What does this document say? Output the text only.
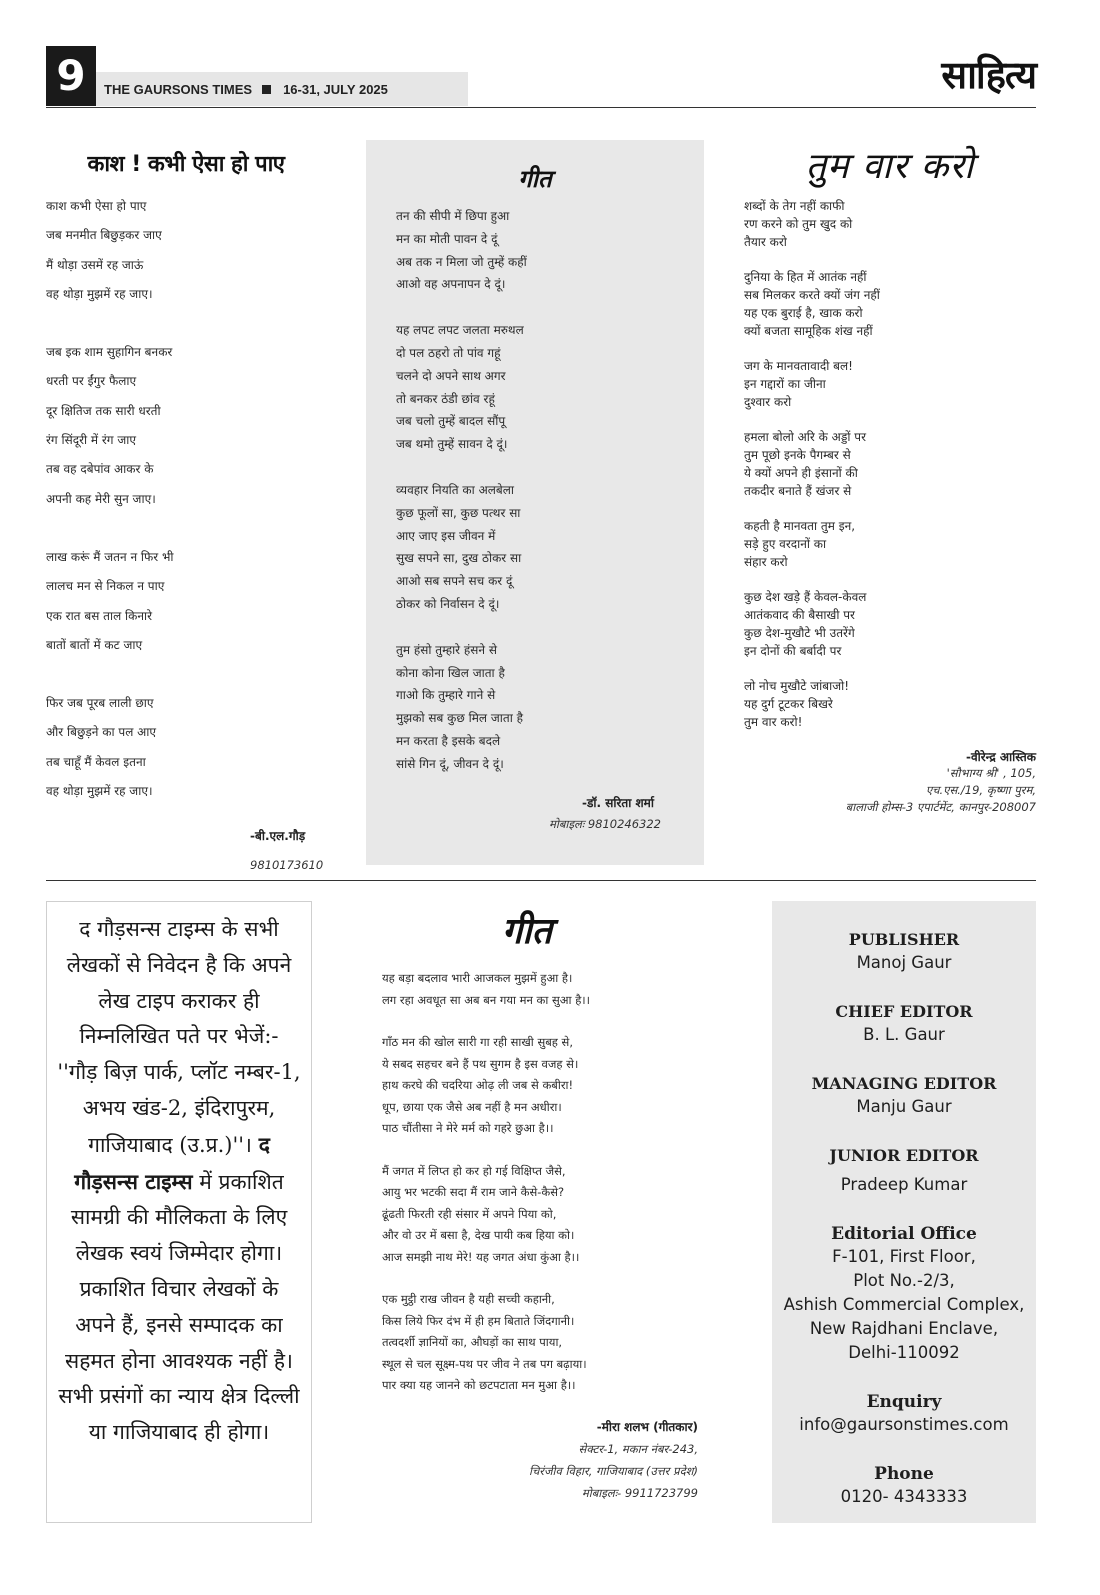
9	THE GAURSONS TIMES 16-31, JULY 2025	साहित्य
काश ! कभी ऐसा हो पाए

काश कभी ऐसा हो पाए

जब मनमीत बिछुड़कर जाए

मैं थोड़ा उसमें रह जाऊं

वह थोड़ा मुझमें रह जाए।

जब इक शाम सुहागिन बनकर

धरती पर ईंगुर फैलाए

दूर क्षितिज तक सारी धरती

रंग सिंदूरी में रंग जाए

तब वह दबेपांव आकर के

अपनी कह मेरी सुन जाए।

लाख करूं मैं जतन न फिर भी

लालच मन से निकल न पाए

एक रात बस ताल किनारे

बातों बातों में कट जाए

फिर जब पूरब लाली छाए

और बिछुड़ने का पल आए

तब चाहूँ मैं केवल इतना

वह थोड़ा मुझमें रह जाए।

-बी.एल.गौड़
9810173610
गीत

तन की सीपी में छिपा हुआ

मन का मोती पावन दे दूं

अब तक न मिला जो तुम्हें कहीं

आओ वह अपनापन दे दूं।

यह लपट लपट जलता मरुथल

दो पल ठहरो तो पांव गहूं

चलने दो अपने साथ अगर

तो बनकर ठंडी छांव रहूं

जब चलो तुम्हें बादल सौंपू

जब थमो तुम्हें सावन दे दूं।

व्यवहार नियति का अलबेला

कुछ फूलों सा, कुछ पत्थर सा

आए जाए इस जीवन में

सुख सपने सा, दुख ठोकर सा

आओ सब सपने सच कर दूं

ठोकर को निर्वासन दे दूं।

तुम हंसो तुम्हारे हंसने से

कोना कोना खिल जाता है

गाओ कि तुम्हारे गाने से

मुझको सब कुछ मिल जाता है

मन करता है इसके बदले

सांसे गिन दूं, जीवन दे दूं।

-डॉ. सरिता शर्मा
मोबाइलः 9810246322
तुम वार करो

शब्दों के तेग नहीं काफी

रण करने को तुम खुद को

तैयार करो

दुनिया के हित में आतंक नहीं

सब मिलकर करते क्यों जंग नहीं

यह एक बुराई है, खाक करो

क्यों बजता सामूहिक शंख नहीं

जग के मानवतावादी बल!

इन गद्दारों का जीना

दुश्वार करो

हमला बोलो अरि के अड्डों पर

तुम पूछो इनके पैगम्बर से

ये क्यों अपने ही इंसानों की

तकदीर बनाते हैं खंजर से

कहती है मानवता तुम इन,

सड़े हुए वरदानों का

संहार करो

कुछ देश खड़े हैं केवल-केवल

आतंकवाद की बैसाखी पर

कुछ देश-मुखौटे भी उतरेंगे

इन दोनों की बर्बादी पर

लो नोच मुखौटे जांबाजो!

यह दुर्ग टूटकर बिखरे

तुम वार करो!

-वीरेन्द्र आस्तिक
'सौभाग्य श्री' , 105,
एच.एस./19, कृष्णा पुरम,
बालाजी होम्स-3 एपार्टमेंट, कानपुर-208007

द गौड़सन्स टाइम्स के सभी लेखकों से निवेदन है कि अपने लेख टाइप कराकर ही निम्नलिखित पते पर भेजें:- ''गौड़ बिज़ पार्क, प्लॉट नम्बर-1, अभय खंड-2, इंदिरापुरम, गाजियाबाद (उ.प्र.)''। द गौड़सन्स टाइम्स में प्रकाशित सामग्री की मौलिकता के लिए लेखक स्वयं जिम्मेदार होगा। प्रकाशित विचार लेखकों के अपने हैं, इनसे सम्पादक का सहमत होना आवश्यक नहीं है। सभी प्रसंगों का न्याय क्षेत्र दिल्ली या गाजियाबाद ही होगा।

गीत

यह बड़ा बदलाव भारी आजकल मुझमें हुआ है।

लग रहा अवधूत सा अब बन गया मन का सुआ है।।

गाँठ मन की खोल सारी गा रही साखी सुबह से,

ये सबद सहचर बने हैं पथ सुगम है इस वजह से।

हाथ करघे की चदरिया ओढ़ ली जब से कबीरा!

धूप, छाया एक जैसे अब नहीं है मन अधीरा।

पाठ चौंतीसा ने मेरे मर्म को गहरे छुआ है।।

मैं जगत में लिप्त हो कर हो गई विक्षिप्त जैसे,

आयु भर भटकी सदा मैं राम जाने कैसे-कैसे?

ढूंढती फिरती रही संसार में अपने पिया को,

और वो उर में बसा है, देख पायी कब हिया को।

आज समझी नाथ मेरे! यह जगत अंधा कुंआ है।।

एक मुट्ठी राख जीवन है यही सच्ची कहानी,

किस लिये फिर दंभ में ही हम बिताते जिंदगानी।

तत्वदर्शी ज्ञानियों का, औघड़ों का साथ पाया,

स्थूल से चल सूक्ष्म-पथ पर जीव ने तब पग बढ़ाया।

पार क्या यह जानने को छटपटाता मन मुआ है।।

-मीरा शलभ (गीतकार)
सेक्टर-1, मकान नंबर-243,
चिरंजीव विहार, गाजियाबाद (उत्तर प्रदेश)
मोबाइलः- 9911723799
PUBLISHER
Manoj Gaur
CHIEF EDITOR
B. L. Gaur
MANAGING EDITOR
Manju Gaur
JUNIOR EDITOR
Pradeep Kumar
Editorial Office
F-101, First Floor,
Plot No.-2/3,
Ashish Commercial Complex,
New Rajdhani Enclave,
Delhi-110092
Enquiry
info@gaursonstimes.com
Phone
0120- 4343333
